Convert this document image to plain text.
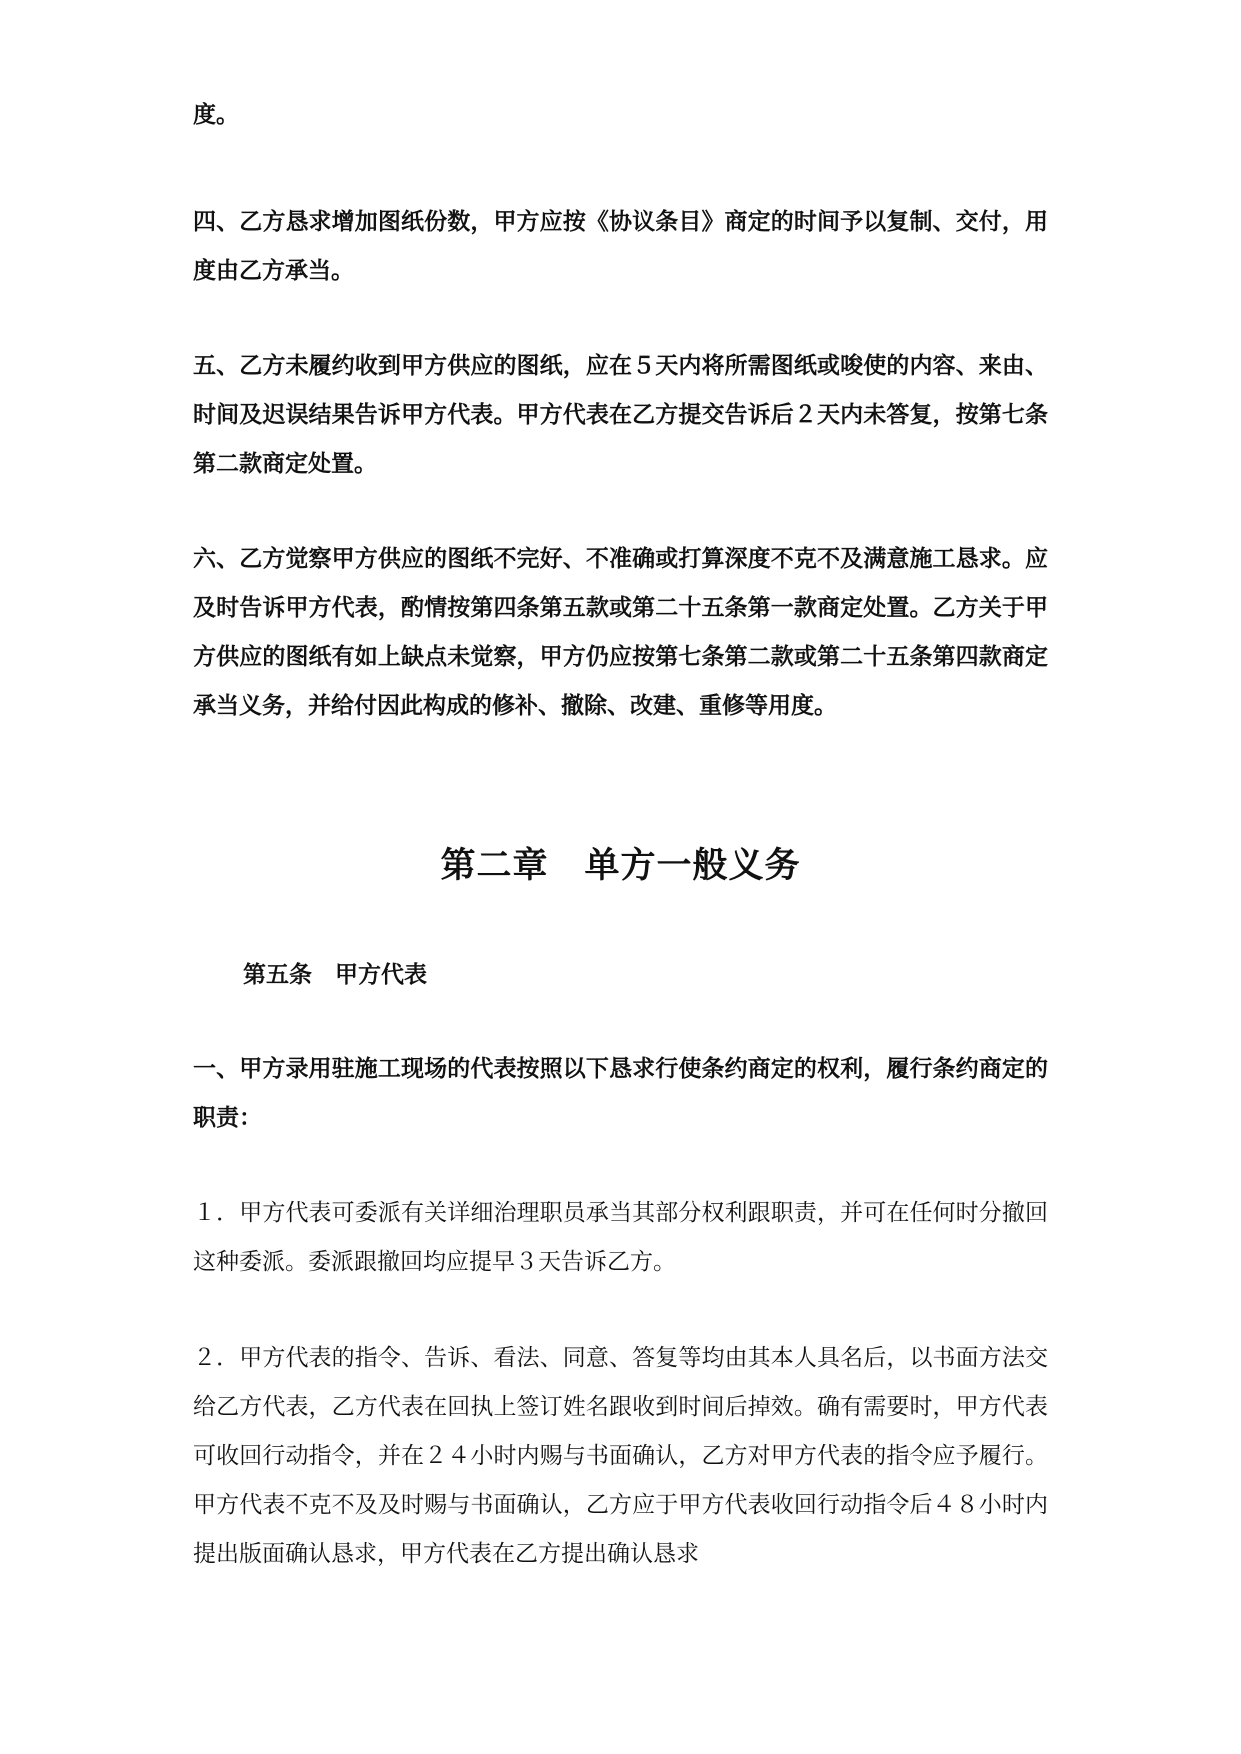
度。

四、乙方恳求增加图纸份数，甲方应按《协议条目》商定的时间予以复制、交付，用度由乙方承当。

五、乙方未履约收到甲方供应的图纸，应在５天内将所需图纸或唆使的内容、来由、时间及迟误结果告诉甲方代表。甲方代表在乙方提交告诉后２天内未答复，按第七条第二款商定处置。

六、乙方觉察甲方供应的图纸不完好、不准确或打算深度不克不及满意施工恳求。应及时告诉甲方代表，酌情按第四条第五款或第二十五条第一款商定处置。乙方关于甲方供应的图纸有如上缺点未觉察，甲方仍应按第七条第二款或第二十五条第四款商定承当义务，并给付因此构成的修补、撤除、改建、重修等用度。

第二章　单方一般义务
第五条　甲方代表

一、甲方录用驻施工现场的代表按照以下恳求行使条约商定的权利，履行条约商定的职责：

１．甲方代表可委派有关详细治理职员承当其部分权利跟职责，并可在任何时分撤回这种委派。委派跟撤回均应提早３天告诉乙方。

２．甲方代表的指令、告诉、看法、同意、答复等均由其本人具名后，以书面方法交给乙方代表，乙方代表在回执上签订姓名跟收到时间后掉效。确有需要时，甲方代表可收回行动指令，并在２４小时内赐与书面确认，乙方对甲方代表的指令应予履行。甲方代表不克不及及时赐与书面确认，乙方应于甲方代表收回行动指令后４８小时内提出版面确认恳求，甲方代表在乙方提出确认恳求
